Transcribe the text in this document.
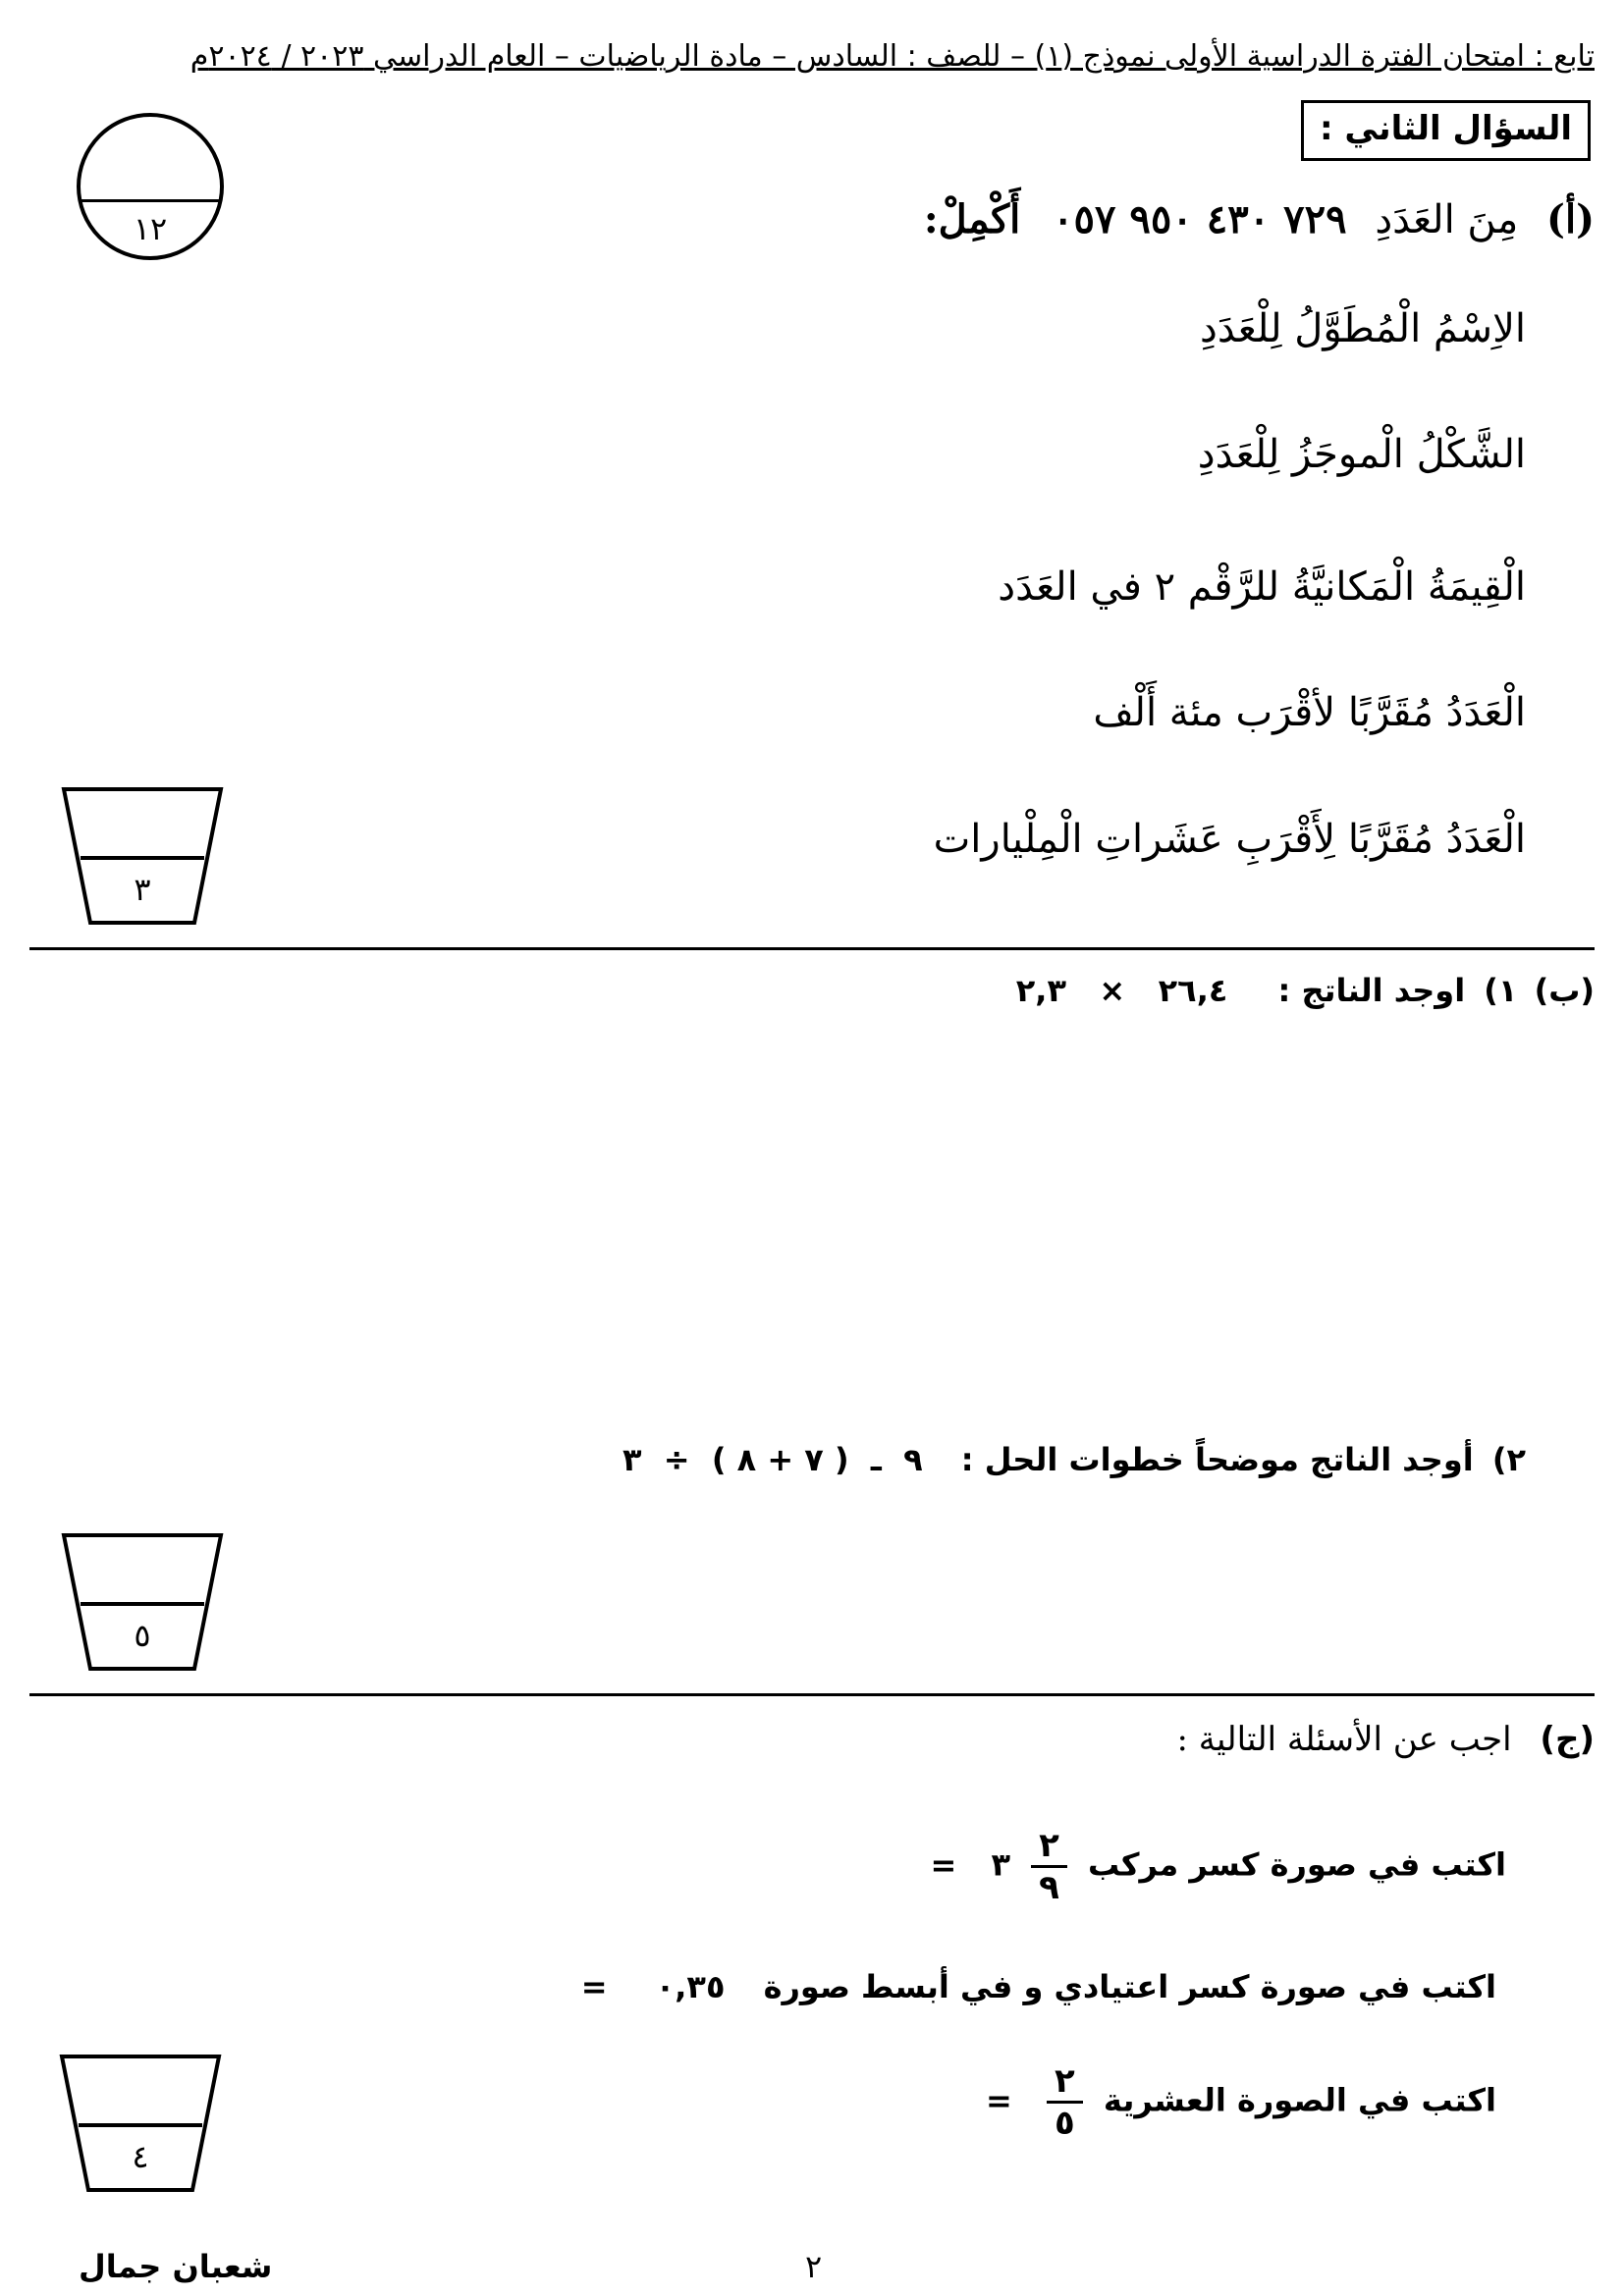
تابع : امتحان الفترة الدراسية الأولى نموذج (١) – للصف : السادس – مادة الرياضيات – العام الدراسي ٢٠٢٣ / ٢٠٢٤م
السؤال الثاني :
١٢	(أ) مِنَ العَدَدِ ٧٢٩ ٤٣٠ ٩٥٠ ٠٥٧ أَكْمِلْ:
الاِسْمُ الْمُطَوَّلُ لِلْعَدَدِ
الشَّكْلُ الْموجَزُ لِلْعَدَدِ
الْقِيمَةُ الْمَكانيَّةُ للرَّقْم ٢ في العَدَد
الْعَدَدُ مُقَرَّبًا لأقْرَب مئة أَلْف
الْعَدَدُ مُقَرَّبًا لِأَقْرَبِ عَشَراتِ الْمِلْيارات
٣
(ب) ١) اوجد الناتج : ٢٦,٤   ×   ٢,٣
٢) أوجد الناتج موضحاً خطوات الحل : ٩  ـ  ( ٧ + ٨ )  ÷  ٣
٥
(ج) اجب عن الأسئلة التالية :
اكتب في صورة كسر مركب
$\frac{٢}{٩}$
٣ =
اكتب في صورة كسر اعتيادي و في أبسط صورة ٠,٣٥ =
اكتب في الصورة العشرية
$\frac{٢}{٥}$
=
٤
شعبان جمال	٢
